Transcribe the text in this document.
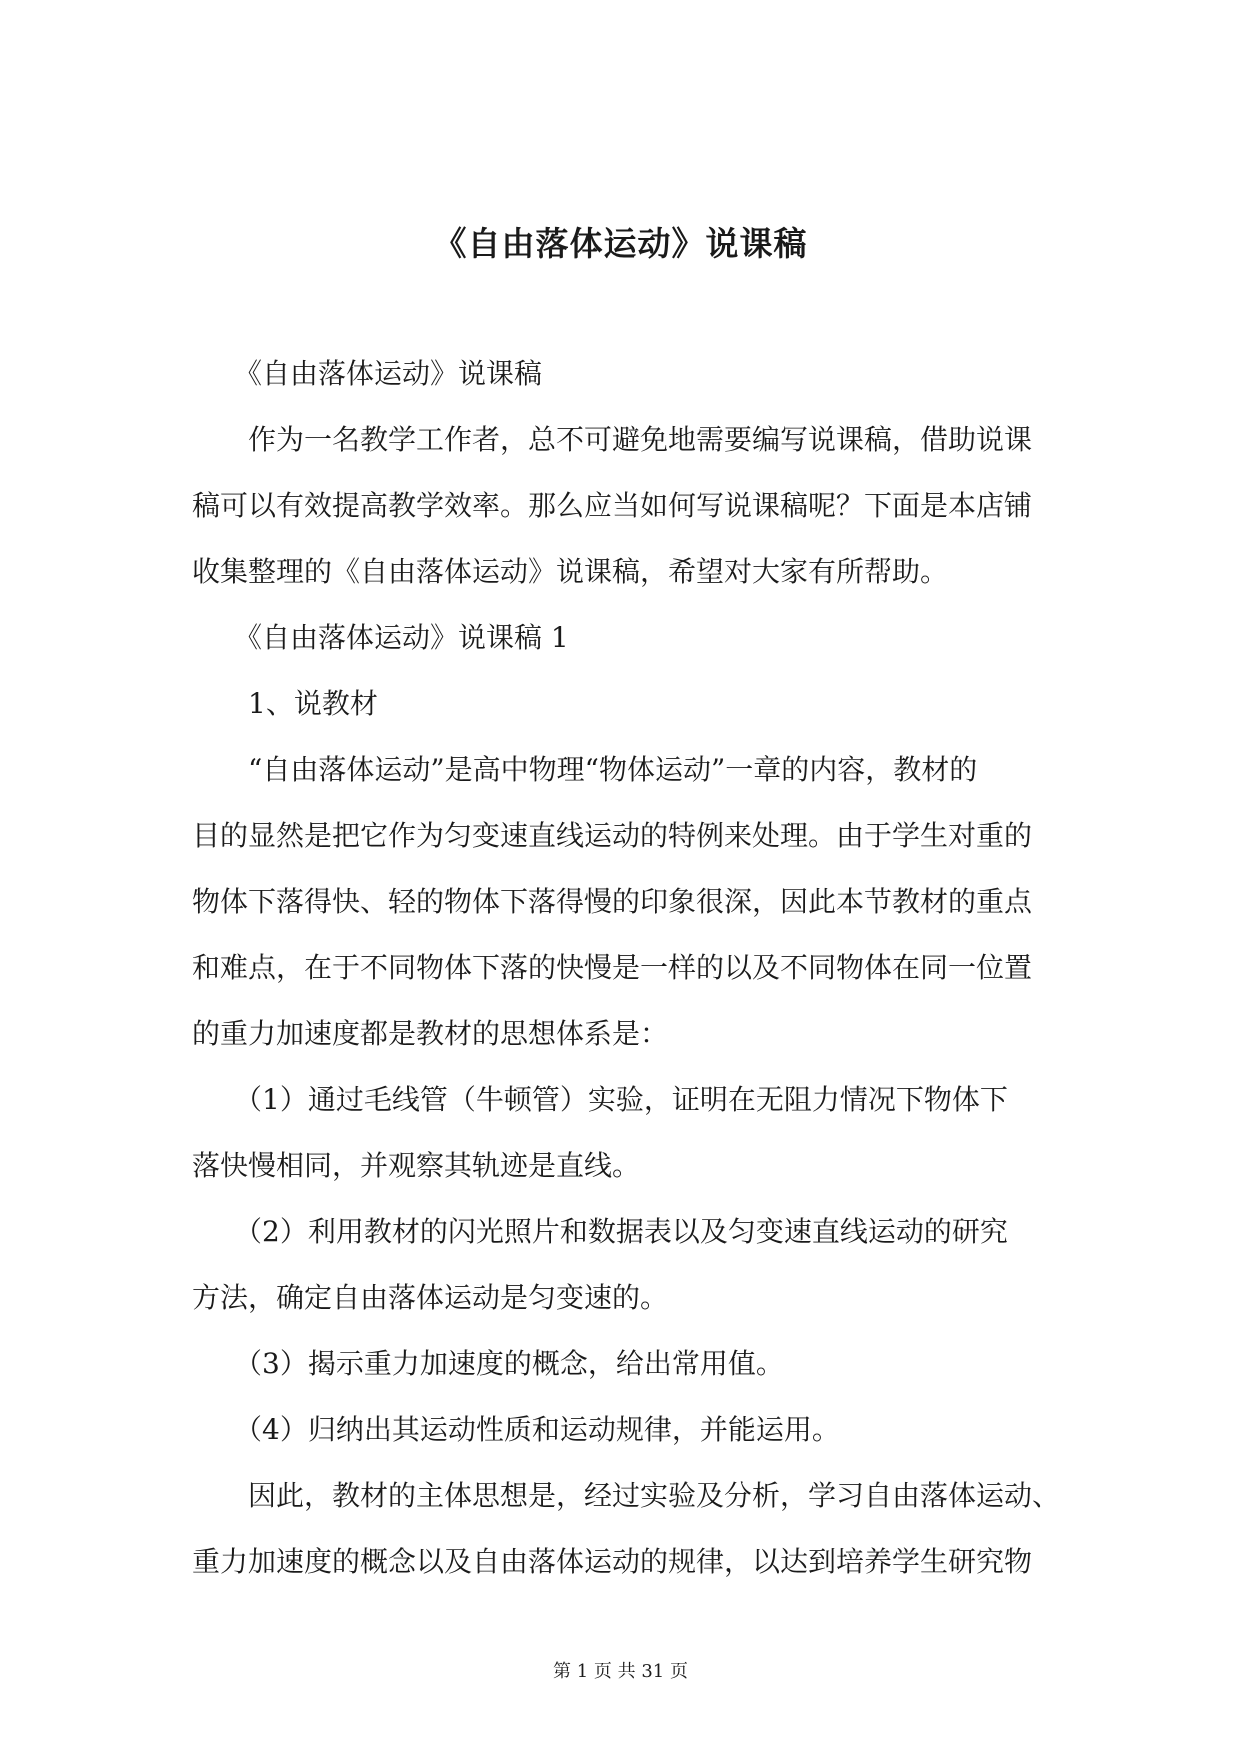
《自由落体运动》说课稿
　　《自由落体运动》说课稿
　　作为一名教学工作者，总不可避免地需要编写说课稿，借助说课
稿可以有效提高教学效率。那么应当如何写说课稿呢？下面是本店铺
收集整理的《自由落体运动》说课稿，希望对大家有所帮助。
　　《自由落体运动》说课稿 1
　　1、说教材
　　“自由落体运动”是高中物理“物体运动”一章的内容，教材的
目的显然是把它作为匀变速直线运动的特例来处理。由于学生对重的
物体下落得快、轻的物体下落得慢的印象很深，因此本节教材的重点
和难点，在于不同物体下落的快慢是一样的以及不同物体在同一位置
的重力加速度都是教材的思想体系是：
　　（1）通过毛线管（牛顿管）实验，证明在无阻力情况下物体下
落快慢相同，并观察其轨迹是直线。
　　（2）利用教材的闪光照片和数据表以及匀变速直线运动的研究
方法，确定自由落体运动是匀变速的。
　　（3）揭示重力加速度的概念，给出常用值。
　　（4）归纳出其运动性质和运动规律，并能运用。
　　因此，教材的主体思想是，经过实验及分析，学习自由落体运动、
重力加速度的概念以及自由落体运动的规律，以达到培养学生研究物
第 1 页 共 31 页
